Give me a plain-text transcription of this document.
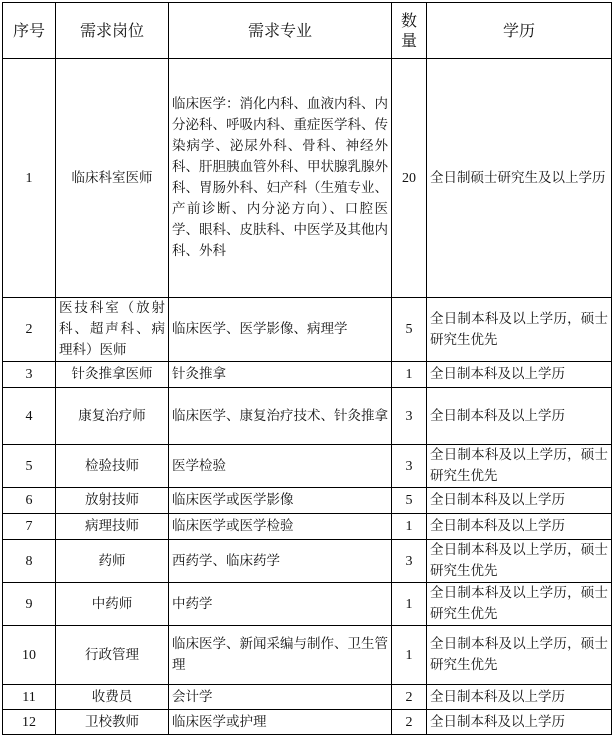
序号	需求岗位	需求专业	数量	学历
1	临床科室医师	临床医学：消化内科、血液内科、内分泌科、呼吸内科、重症医学科、传染病学、泌尿外科、骨科、神经外科、肝胆胰血管外科、甲状腺乳腺外科、胃肠外科、妇产科（生殖专业、产前诊断、内分泌方向）、口腔医学、眼科、皮肤科、中医学及其他内科、外科	20	全日制硕士研究生及以上学历
2	医技科室（放射科、超声科、病理科）医师	临床医学、医学影像、病理学	5	全日制本科及以上学历，硕士研究生优先
3	针灸推拿医师	针灸推拿	1	全日制本科及以上学历
4	康复治疗师	临床医学、康复治疗技术、针灸推拿	3	全日制本科及以上学历
5	检验技师	医学检验	3	全日制本科及以上学历，硕士研究生优先
6	放射技师	临床医学或医学影像	5	全日制本科及以上学历
7	病理技师	临床医学或医学检验	1	全日制本科及以上学历
8	药师	西药学、临床药学	3	全日制本科及以上学历，硕士研究生优先
9	中药师	中药学	1	全日制本科及以上学历，硕士研究生优先
10	行政管理	临床医学、新闻采编与制作、卫生管理	1	全日制本科及以上学历，硕士研究生优先
11	收费员	会计学	2	全日制本科及以上学历
12	卫校教师	临床医学或护理	2	全日制本科及以上学历
